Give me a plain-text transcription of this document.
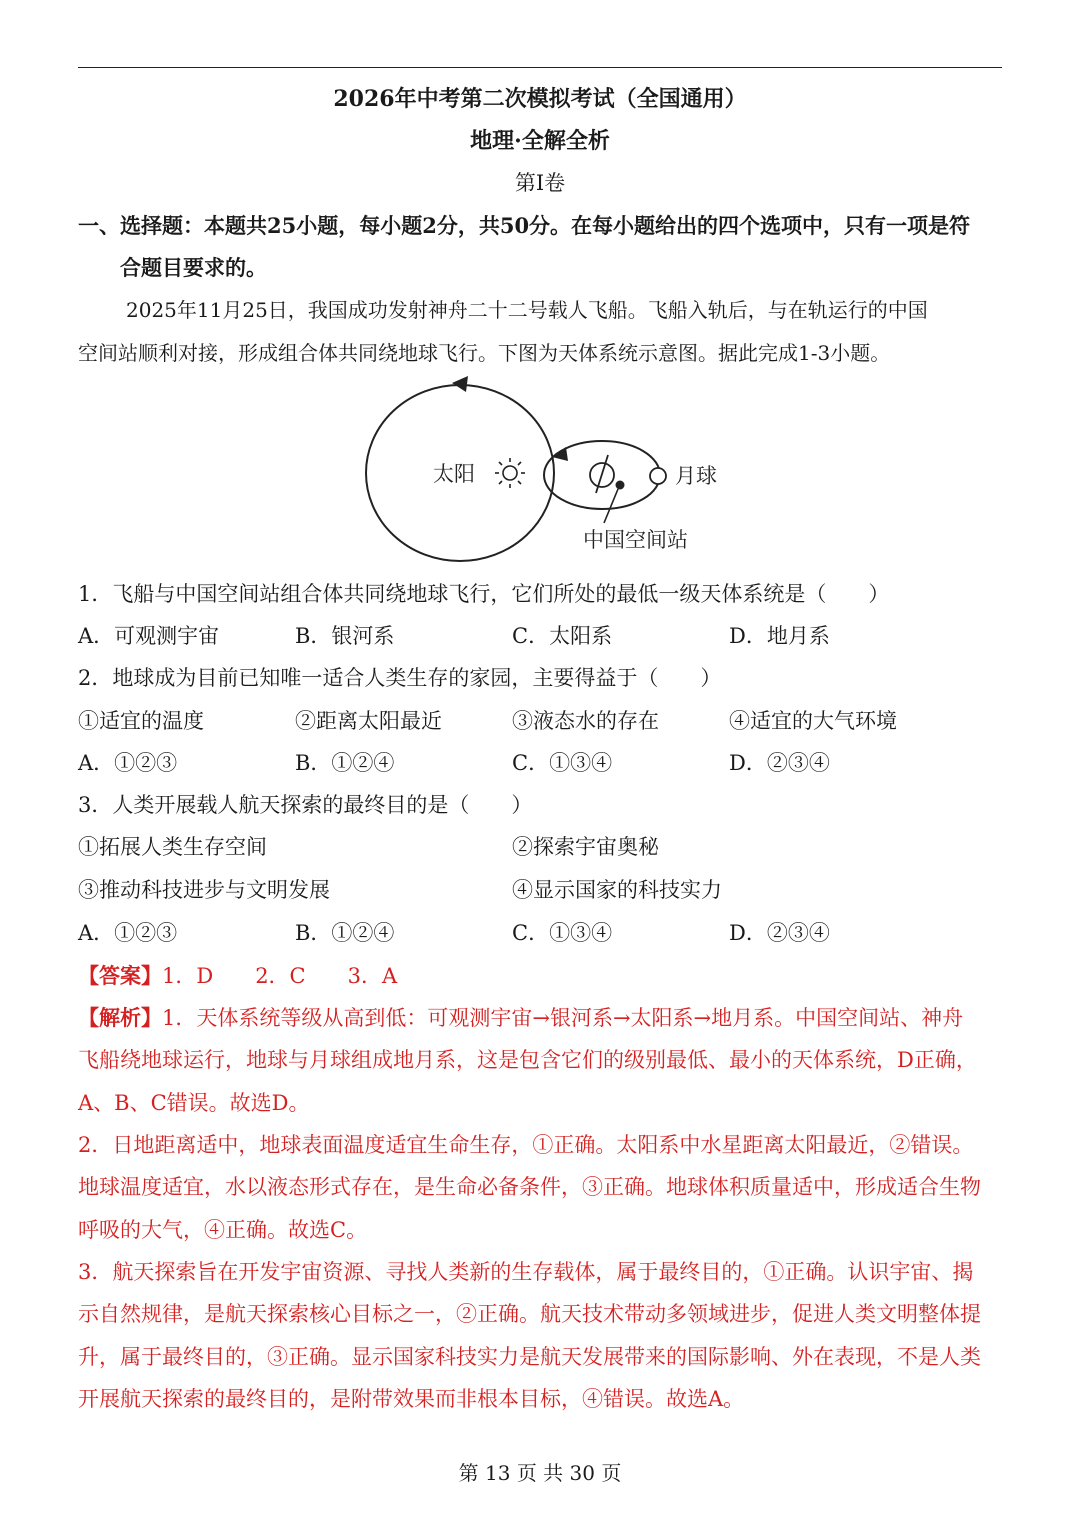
2026年中考第二次模拟考试（全国通用）
地理·全解全析
第I卷
一、选择题：本题共25小题，每小题2分，共50分。在每小题给出的四个选项中，只有一项是符
合题目要求的。
2025年11月25日，我国成功发射神舟二十二号载人飞船。飞船入轨后，与在轨运行的中国
空间站顺利对接，形成组合体共同绕地球飞行。下图为天体系统示意图。据此完成1-3小题。
太阳	月球
中国空间站
1．飞船与中国空间站组合体共同绕地球飞行，它们所处的最低一级天体系统是（　　）
A．可观测宇宙	B．银河系	C．太阳系	D．地月系
2．地球成为目前已知唯一适合人类生存的家园，主要得益于（　　）
①适宜的温度	②距离太阳最近	③液态水的存在	④适宜的大气环境
A．①②③	B．①②④	C．①③④	D．②③④
3．人类开展载人航天探索的最终目的是（　　）
①拓展人类生存空间	②探索宇宙奥秘
③推动科技进步与文明发展	④显示国家的科技实力
A．①②③	B．①②④	C．①③④	D．②③④
【答案】1．D　　2．C　　3．A
【解析】1．天体系统等级从高到低：可观测宇宙→银河系→太阳系→地月系。中国空间站、神舟
飞船绕地球运行，地球与月球组成地月系，这是包含它们的级别最低、最小的天体系统，D正确，
A、B、C错误。故选D。
2．日地距离适中，地球表面温度适宜生命生存，①正确。太阳系中水星距离太阳最近，②错误。
地球温度适宜，水以液态形式存在，是生命必备条件，③正确。地球体积质量适中，形成适合生物
呼吸的大气，④正确。故选C。
3．航天探索旨在开发宇宙资源、寻找人类新的生存载体，属于最终目的，①正确。认识宇宙、揭
示自然规律，是航天探索核心目标之一，②正确。航天技术带动多领域进步，促进人类文明整体提
升，属于最终目的，③正确。显示国家科技实力是航天发展带来的国际影响、外在表现，不是人类
开展航天探索的最终目的，是附带效果而非根本目标，④错误。故选A。
第 13 页 共 30 页
